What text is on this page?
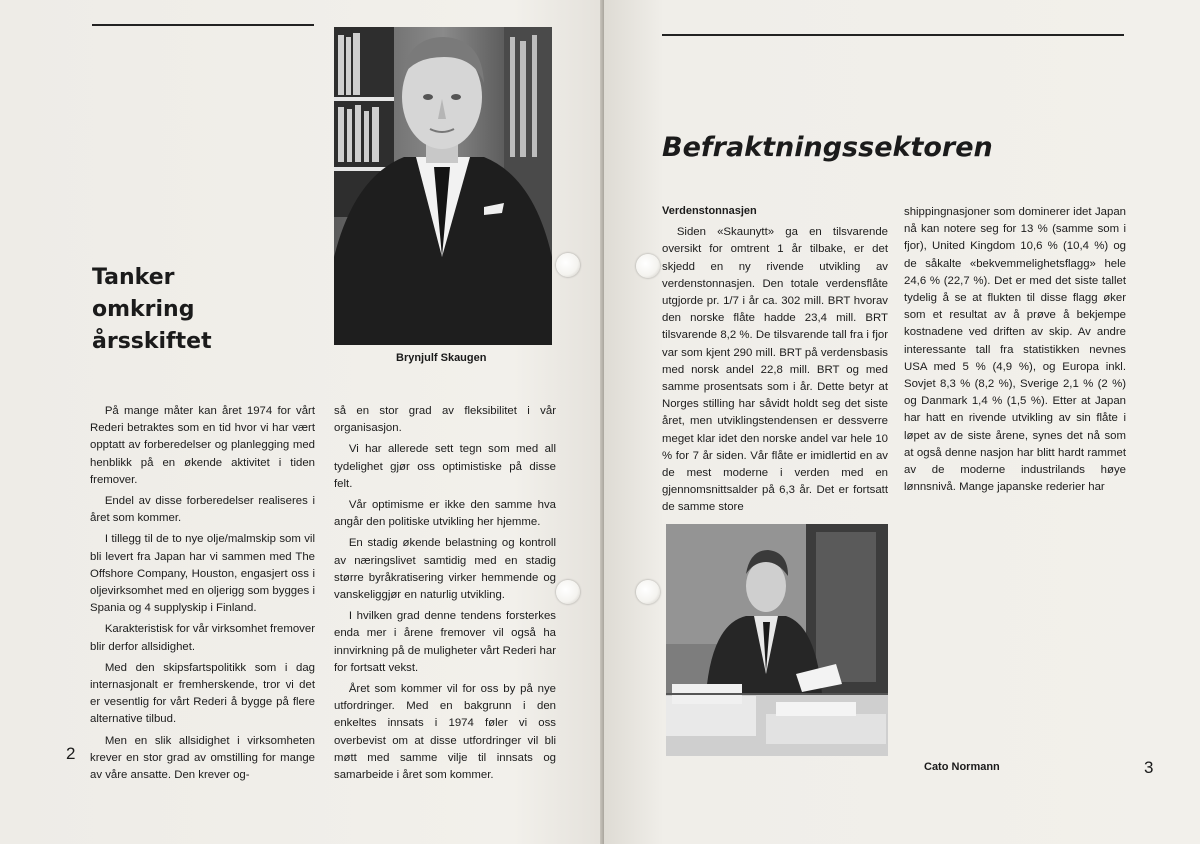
Brynjulf Skaugen
Tanker
omkring
årsskiftet

På mange måter kan året 1974 for vårt Rederi betraktes som en tid hvor vi har vært opptatt av forberedelser og planlegging med henblikk på en økende aktivitet i tiden fremover.

Endel av disse forberedelser realiseres i året som kommer.

I tillegg til de to nye olje/malmskip som vil bli levert fra Japan har vi sammen med The Offshore Company, Houston, engasjert oss i oljevirksomhet med en oljerigg som bygges i Spania og 4 supplyskip i Finland.

Karakteristisk for vår virksomhet fremover blir derfor allsidighet.

Med den skipsfartspolitikk som i dag internasjonalt er fremherskende, tror vi det er vesentlig for vårt Rederi å bygge på flere alternative tilbud.

Men en slik allsidighet i virksomheten krever en stor grad av omstilling for mange av våre ansatte. Den krever og-

så en stor grad av fleksibilitet i vår organisasjon.

Vi har allerede sett tegn som med all tydelighet gjør oss optimistiske på disse felt.

Vår optimisme er ikke den samme hva angår den politiske utvikling her hjemme.

En stadig økende belastning og kontroll av næringslivet samtidig med en stadig større byråkratisering virker hemmende og vanskeliggjør en naturlig utvikling.

I hvilken grad denne tendens forsterkes enda mer i årene fremover vil også ha innvirkning på de muligheter vårt Rederi har for fortsatt vekst.

Året som kommer vil for oss by på nye utfordringer. Med en bakgrunn i den enkeltes innsats i 1974 føler vi oss overbevist om at disse utfordringer vil bli møtt med samme vilje til innsats og samarbeide i året som kommer.

2
Befraktningssektoren

Verdenstonnasjen

Siden «Skaunytt» ga en tilsvarende oversikt for omtrent 1 år tilbake, er det skjedd en ny rivende utvikling av verdenstonnasjen. Den totale verdensflåte utgjorde pr. 1/7 i år ca. 302 mill. BRT hvorav den norske flåte hadde 23,4 mill. BRT tilsvarende 8,2 %. De tilsvarende tall fra i fjor var som kjent 290 mill. BRT på verdensbasis med norsk andel 22,8 mill. BRT og med samme prosentsats som i år. Dette betyr at Norges stilling har såvidt holdt seg det siste året, men utviklingstendensen er dessverre meget klar idet den norske andel var hele 10 % for 7 år siden. Vår flåte er imidlertid en av de mest moderne i verden med en gjennomsnittsalder på 6,3 år. Det er fortsatt de samme store

shippingnasjoner som dominerer idet Japan nå kan notere seg for 13 % (samme som i fjor), United Kingdom 10,6 % (10,4 %) og de såkalte «bekvemmelighetsflagg» hele 24,6 % (22,7 %). Det er med det siste tallet tydelig å se at flukten til disse flagg øker som et resultat av å prøve å bekjempe kostnadene ved driften av skip. Av andre interessante tall fra statistikken nevnes USA med 5 % (4,9 %), og Europa inkl. Sovjet 8,3 % (8,2 %), Sverige 2,1 % (2 %) og Danmark 1,4 % (1,5 %). Etter at Japan har hatt en rivende utvikling av sin flåte i løpet av de siste årene, synes det nå som at også denne nasjon har blitt hardt rammet av de moderne industrilands høye lønnsnivå. Mange japanske rederier har

Cato Normann	3
